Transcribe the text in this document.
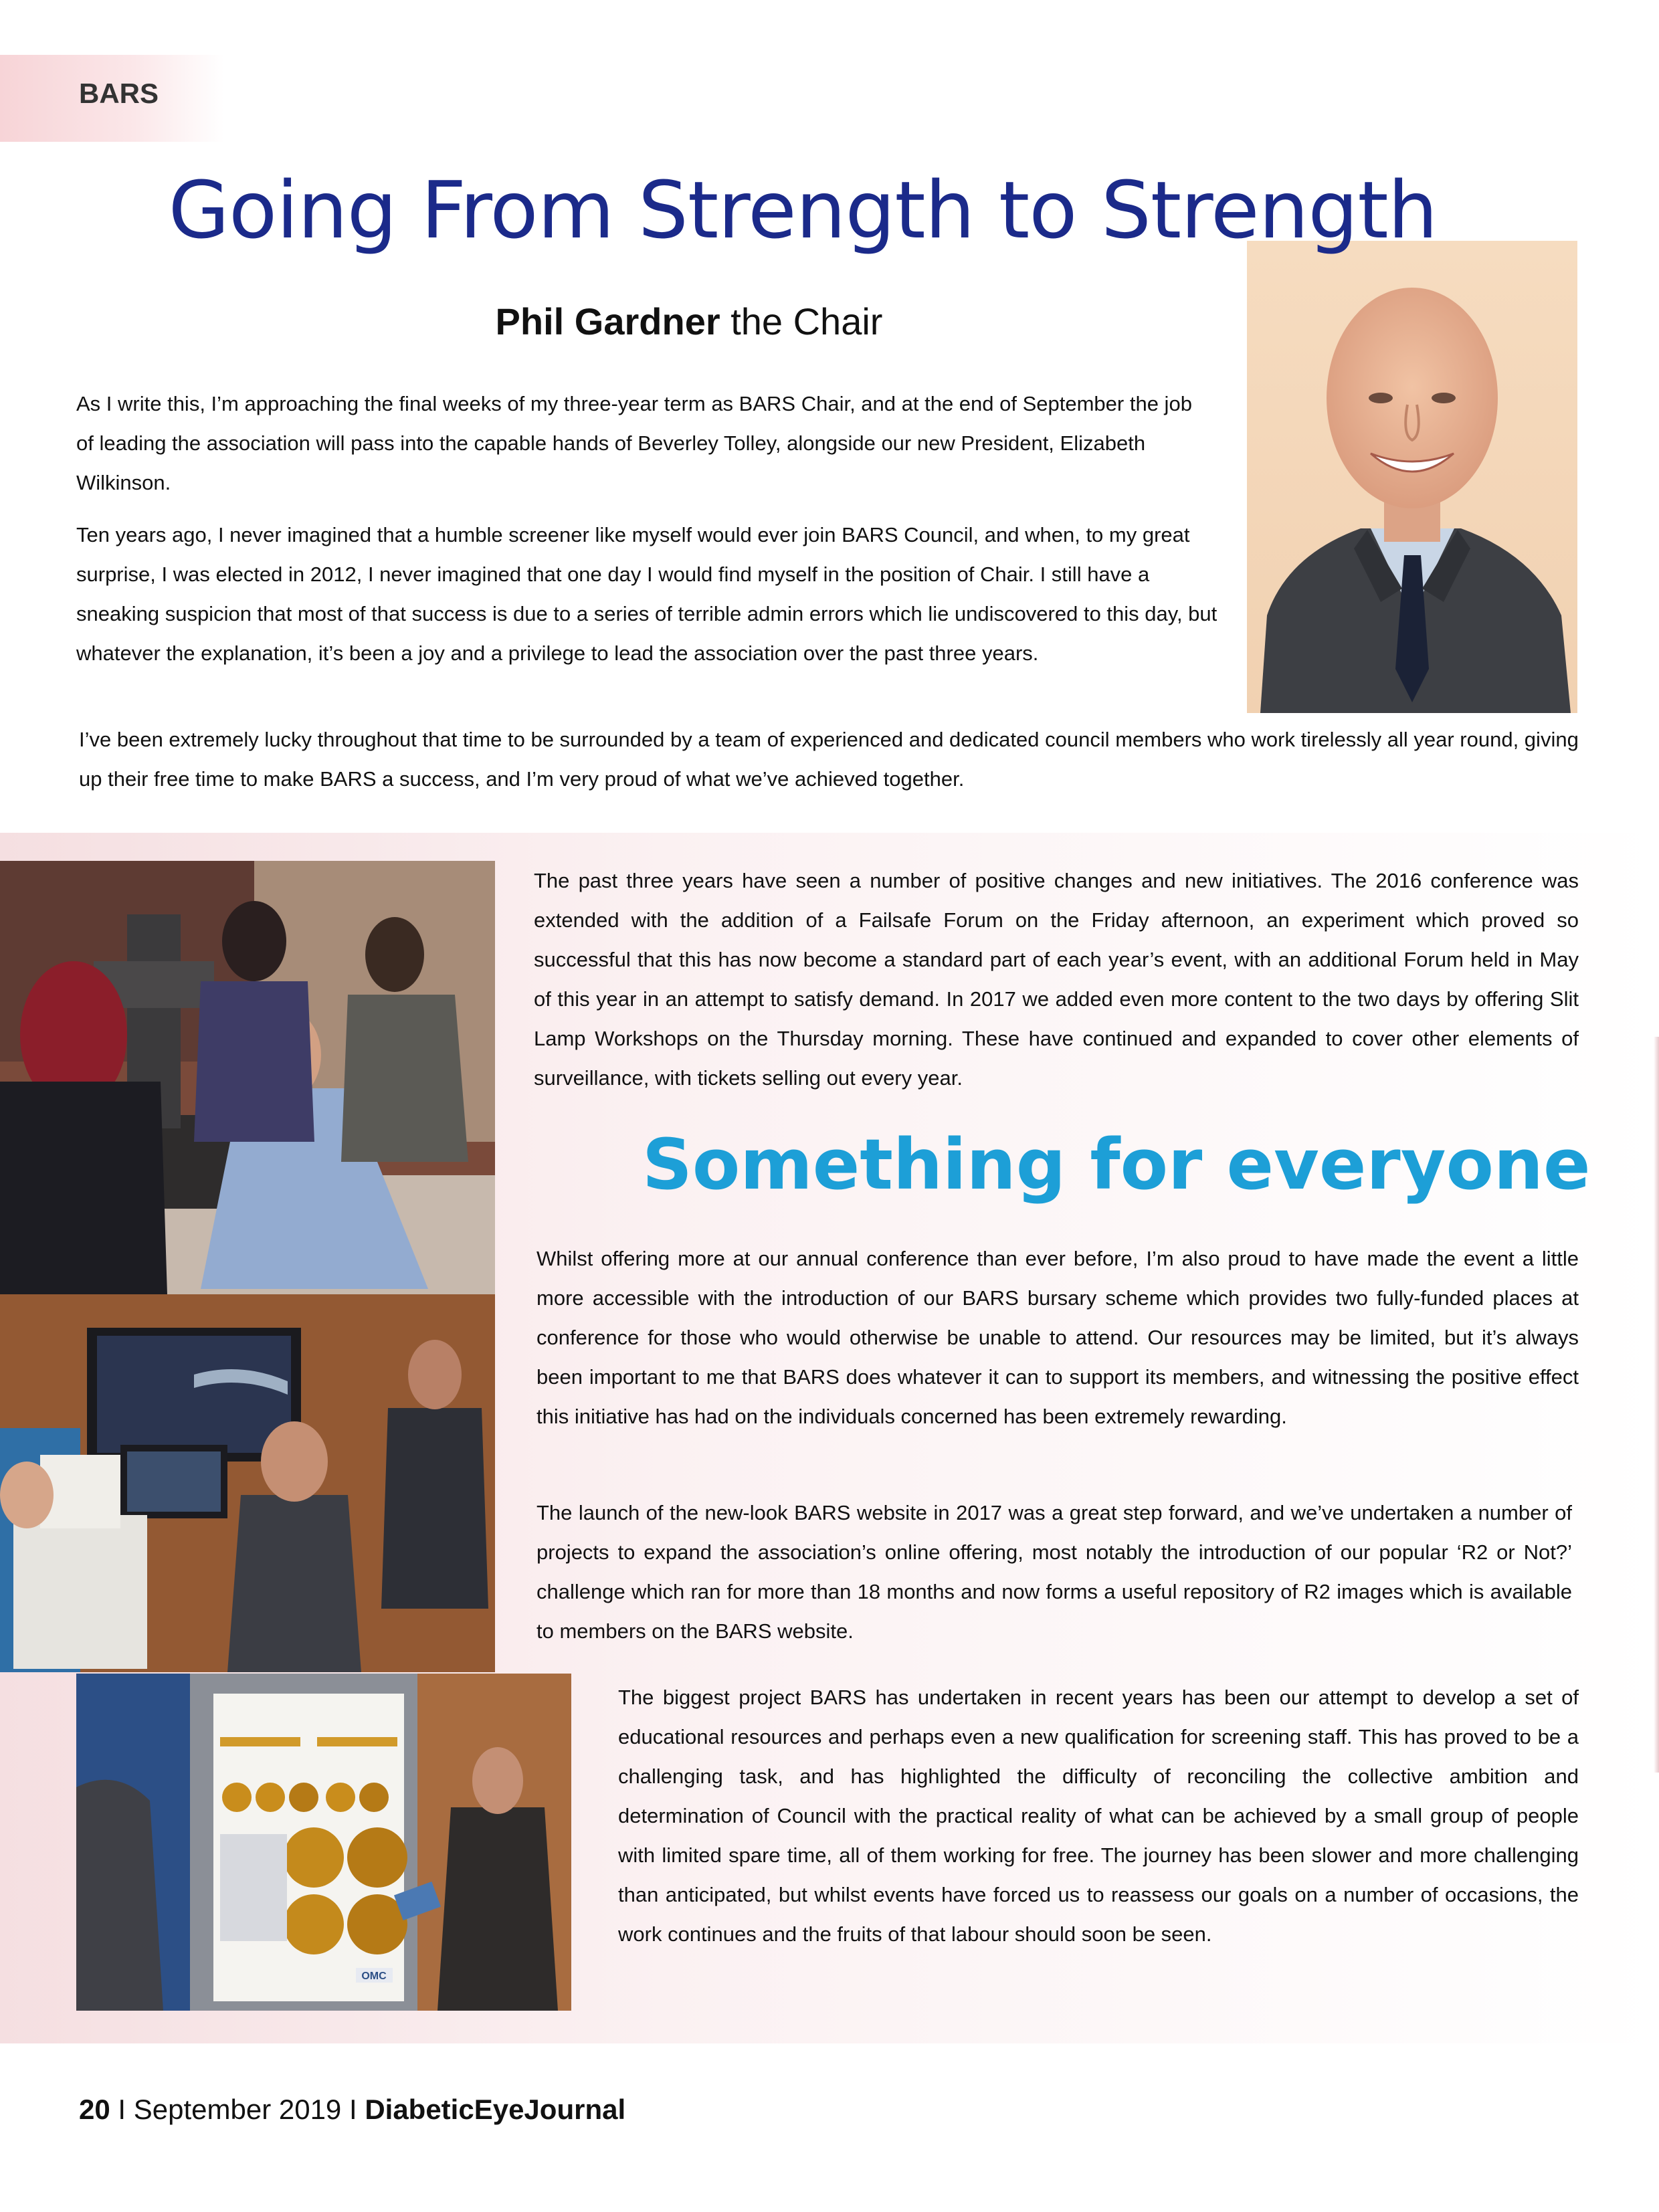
BARS
Going From Strength to Strength
Phil Gardner the Chair

As I write this, I’m approaching the final weeks of my three-year term as BARS Chair, and at the end of September the job of leading the association will pass into the capable hands of Beverley Tolley, alongside our new President, Elizabeth Wilkinson.

Ten years ago, I never imagined that a humble screener like myself would ever join BARS Council, and when, to my great surprise, I was elected in 2012, I never imagined that one day I would find myself in the position of Chair. I still have a sneaking suspicion that most of that success is due to a series of terrible admin errors which lie undiscovered to this day, but whatever the explanation, it’s been a joy and a privilege to lead the association over the past three years.

I’ve been extremely lucky throughout that time to be surrounded by a team of experienced and dedicated council members who work tirelessly all year round, giving up their free time to make BARS a success, and I’m very proud of what we’ve achieved together.

OMC

The past three years have seen a number of positive changes and new initiatives. The 2016 conference was extended with the addition of a Failsafe Forum on the Friday afternoon, an experiment which proved so successful that this has now become a standard part of each year’s event, with an additional Forum held in May of this year in an attempt to satisfy demand. In 2017 we added even more content to the two days by offering Slit Lamp Workshops on the Thursday morning. These have continued and expanded to cover other elements of surveillance, with tickets selling out every year.

Something for everyone

Whilst offering more at our annual conference than ever before, I’m also proud to have made the event a little more accessible with the introduction of our BARS bursary scheme which provides two fully-funded places at conference for those who would otherwise be unable to attend. Our resources may be limited, but it’s always been important to me that BARS does whatever it can to support its members, and witnessing the positive effect this initiative has had on the individuals concerned has been extremely rewarding.

The launch of the new-look BARS website in 2017 was a great step forward, and we’ve undertaken a number of projects to expand the association’s online offering, most notably the introduction of our popular ‘R2 or Not?’ challenge which ran for more than 18 months and now forms a useful repository of R2 images which is available to members on the BARS website.

The biggest project BARS has undertaken in recent years has been our attempt to develop a set of educational resources and perhaps even a new qualification for screening staff. This has proved to be a challenging task, and has highlighted the difficulty of reconciling the collective ambition and determination of Council with the practical reality of what can be achieved by a small group of people with limited spare time, all of them working for free. The journey has been slower and more challenging than anticipated, but whilst events have forced us to reassess our goals on a number of occasions, the work continues and the fruits of that labour should soon be seen.

20 I September 2019 I DiabeticEyeJournal
